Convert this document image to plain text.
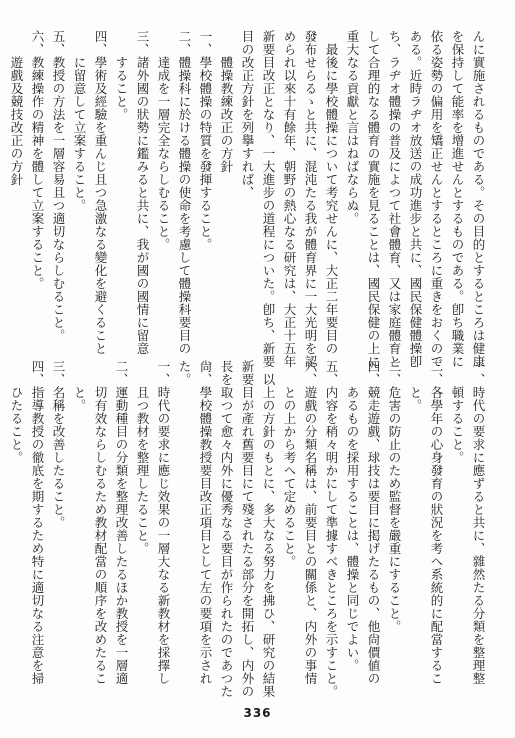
んに實施されるものである。その目的とするところは健康
を保持して能率を增進せんとするものである。卽ち職業に
依る姿勢の偏用を矯正せんとするところに重きをおくので
ある。近時ラヂオ放送の成功進步と共に、國民保健體操卽
ち、ラヂオ體操の普及によつて社會體育、又は家庭體育と
して合理的なる體育の實施を見ることは、國民保健の上に
重大なる貢獻と言はねばならぬ。
最後に學校體操について考究せんに、大正二年要目の
發布せらるゝと共に、混沌たる我が體育界に一大光明を認
められ以來十有餘年、朝野の熱心なる研究は、大正十五年
新要目改正となり、一大進步の道程についた。卽ち、新要
目の改正方針を列擧すれば、
體操教練改正の方針
一、學校體操の特質を發揮すること。
二、體操科に於ける體操の使命を考慮して體操科要目の
達成を一層完全ならしむること。
三、諸外國の狀勢に鑑みると共に、我が國の國情に留意
すること。
四、學術及經驗を重んじ且つ急激なる變化を避くること
に留意して立案すること。
五、教授の方法を一層容易且つ適切ならしむること。
六、教練操作の精神を體して立案すること。
遊戲及競技改正の方針
一、時代の要求に應ずると共に、雜然たる分類を整理整
頓すること。
二、各學年の心身發育の狀況を考へ系統的に配當するこ
と。
三、危害の防止のため監督を嚴重にすること。
四、競走遊戲、球技は要目に掲げたるもの、他尙價値の
あるものを採用することは、體操と同じでよい。
五、内容を稍々明かにして準據すべきところを示すこと。
六、遊戲の分類名稱は、前要目との關係と、内外の事情
との上から考へて定めること。
以上の方針のもとに、多大なる努力を拂ひ、研究の結果
新要目が產れ舊要目にて殘されたる部分を開拓し、内外の
長を取つて愈々内外に優秀なる要目が作られたのであつた
尙、學校體操教授要目改正項目として左の要項を示され
た。
一、時代の要求に應じ效果の一層大なる新教材を採擇し
且つ教材を整理したること。
二、運動種目の分類を整理改善したるほか教授を一層適
切有效ならしむるため教材配當の順序を改めたるこ
と。
三、名稱を改善したること。
四、指導教授の徹底を期するため特に適切なる注意を掃
ひたること。
336
